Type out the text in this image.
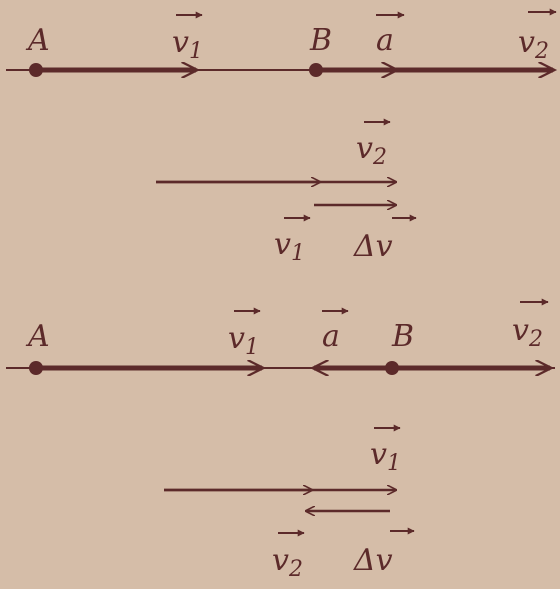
A	B
$v_1$	a	$v_2$
$v_2$
$v_1$ Δv
A	B
$v_1$ a	$v_2$
$v_1$
$v_2$ Δv
